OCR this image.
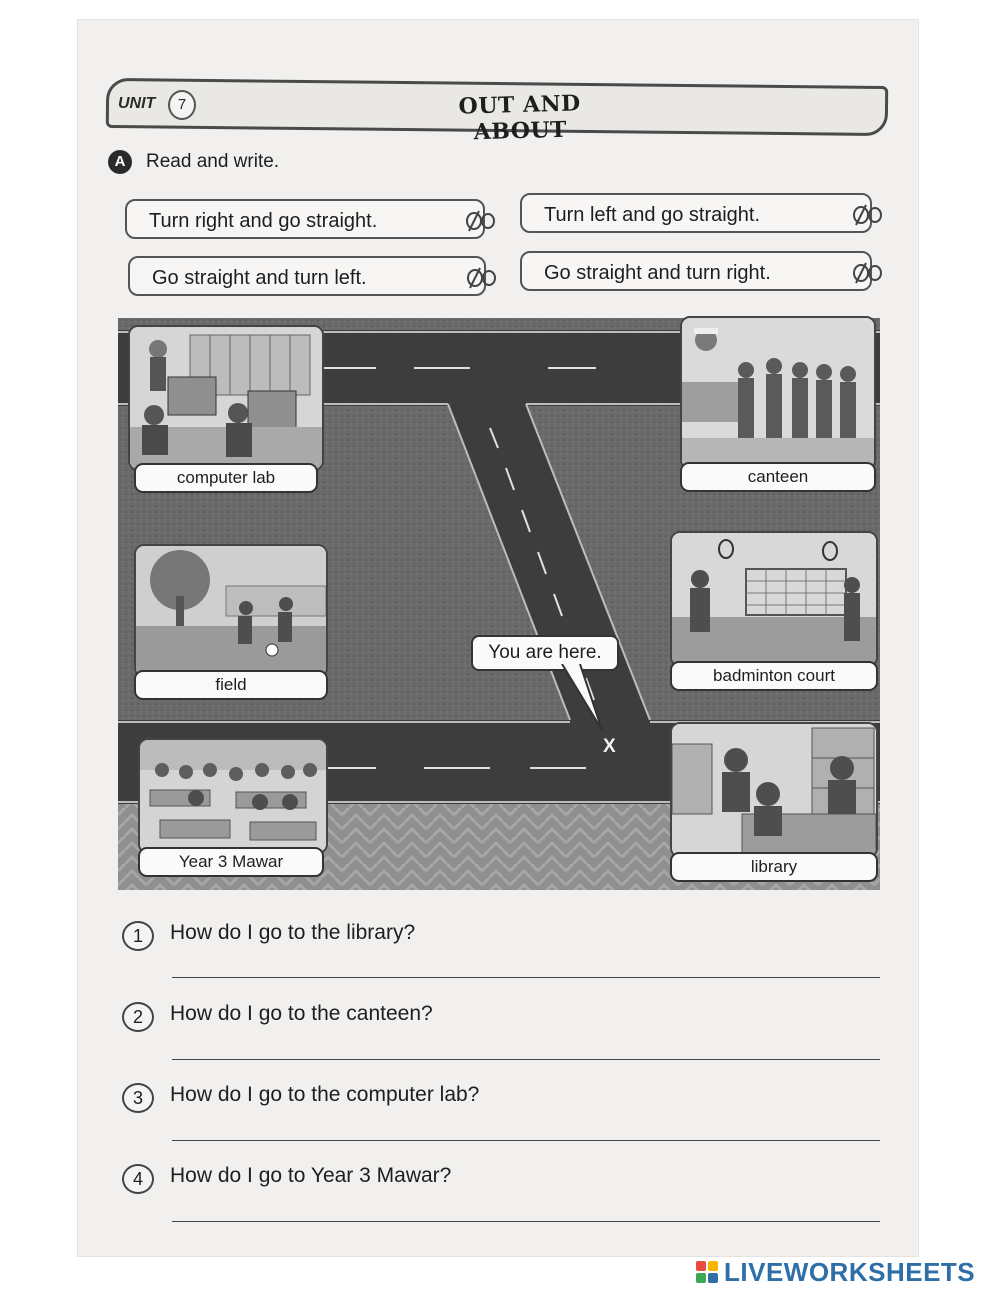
UNIT	7	OUT AND ABOUT
A	Read and write.
Turn right and go straight.	Turn left and go straight.
Go straight and turn left.	Go straight and turn right.
computer lab	canteen
field	badminton court
Year 3 Mawar	library
You are here.
X
1	How do I go to the library?
2	How do I go to the canteen?
3	How do I go to the computer lab?
4	How do I go to Year 3 Mawar?
LIVEWORKSHEETS
